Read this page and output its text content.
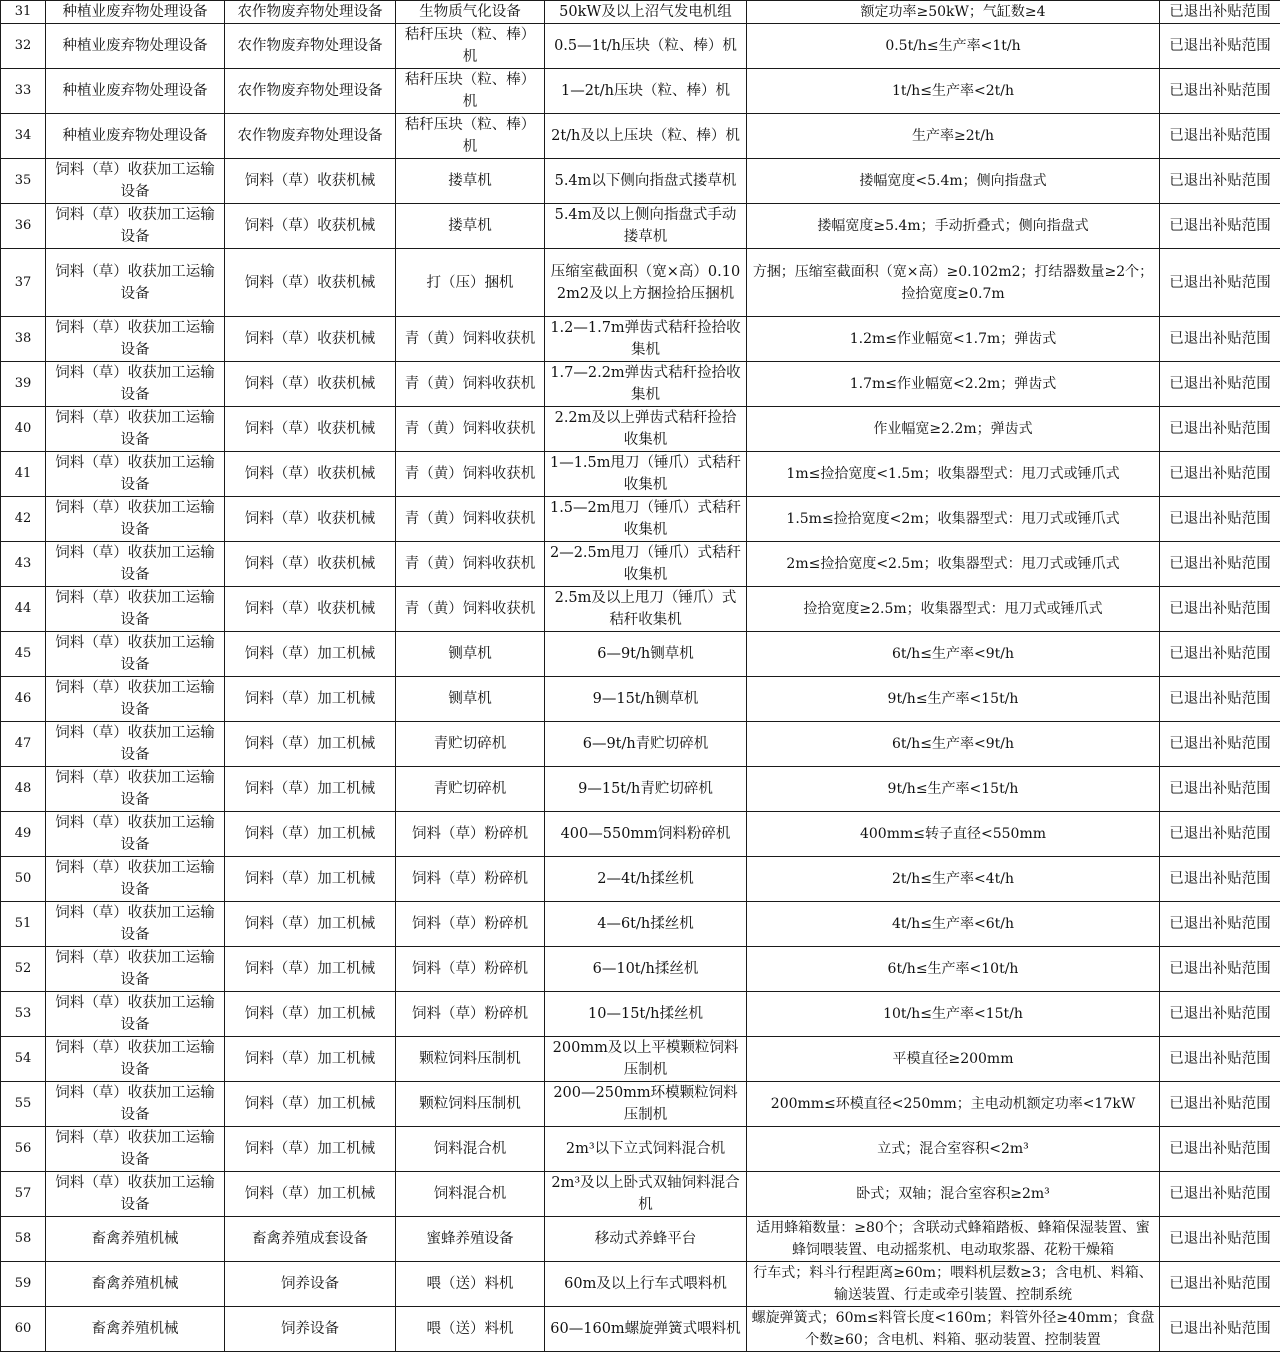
31	种植业废弃物处理设备	农作物废弃物处理设备	生物质气化设备	50kW及以上沼气发电机组	额定功率≥50kW；气缸数≥4	已退出补贴范围
32	种植业废弃物处理设备	农作物废弃物处理设备	秸秆压块（粒、棒）机	0.5—1t/h压块（粒、棒）机	0.5t/h≤生产率<1t/h	已退出补贴范围
33	种植业废弃物处理设备	农作物废弃物处理设备	秸秆压块（粒、棒）机	1—2t/h压块（粒、棒）机	1t/h≤生产率<2t/h	已退出补贴范围
34	种植业废弃物处理设备	农作物废弃物处理设备	秸秆压块（粒、棒）机	2t/h及以上压块（粒、棒）机	生产率≥2t/h	已退出补贴范围
35	饲料（草）收获加工运输设备	饲料（草）收获机械	搂草机	5.4m以下侧向指盘式搂草机	搂幅宽度<5.4m；侧向指盘式	已退出补贴范围
36	饲料（草）收获加工运输设备	饲料（草）收获机械	搂草机	5.4m及以上侧向指盘式手动搂草机	搂幅宽度≥5.4m；手动折叠式；侧向指盘式	已退出补贴范围
37	饲料（草）收获加工运输设备	饲料（草）收获机械	打（压）捆机	压缩室截面积（宽×高）0.102m2及以上方捆捡拾压捆机	方捆；压缩室截面积（宽×高）≥0.102m2；打结器数量≥2个；捡拾宽度≥0.7m	已退出补贴范围
38	饲料（草）收获加工运输设备	饲料（草）收获机械	青（黄）饲料收获机	1.2—1.7m弹齿式秸秆捡拾收集机	1.2m≤作业幅宽<1.7m；弹齿式	已退出补贴范围
39	饲料（草）收获加工运输设备	饲料（草）收获机械	青（黄）饲料收获机	1.7—2.2m弹齿式秸秆捡拾收集机	1.7m≤作业幅宽<2.2m；弹齿式	已退出补贴范围
40	饲料（草）收获加工运输设备	饲料（草）收获机械	青（黄）饲料收获机	2.2m及以上弹齿式秸秆捡拾收集机	作业幅宽≥2.2m；弹齿式	已退出补贴范围
41	饲料（草）收获加工运输设备	饲料（草）收获机械	青（黄）饲料收获机	1—1.5m甩刀（锤爪）式秸秆收集机	1m≤捡拾宽度<1.5m；收集器型式：甩刀式或锤爪式	已退出补贴范围
42	饲料（草）收获加工运输设备	饲料（草）收获机械	青（黄）饲料收获机	1.5—2m甩刀（锤爪）式秸秆收集机	1.5m≤捡拾宽度<2m；收集器型式：甩刀式或锤爪式	已退出补贴范围
43	饲料（草）收获加工运输设备	饲料（草）收获机械	青（黄）饲料收获机	2—2.5m甩刀（锤爪）式秸秆收集机	2m≤捡拾宽度<2.5m；收集器型式：甩刀式或锤爪式	已退出补贴范围
44	饲料（草）收获加工运输设备	饲料（草）收获机械	青（黄）饲料收获机	2.5m及以上甩刀（锤爪）式秸秆收集机	捡拾宽度≥2.5m；收集器型式：甩刀式或锤爪式	已退出补贴范围
45	饲料（草）收获加工运输设备	饲料（草）加工机械	铡草机	6—9t/h铡草机	6t/h≤生产率<9t/h	已退出补贴范围
46	饲料（草）收获加工运输设备	饲料（草）加工机械	铡草机	9—15t/h铡草机	9t/h≤生产率<15t/h	已退出补贴范围
47	饲料（草）收获加工运输设备	饲料（草）加工机械	青贮切碎机	6—9t/h青贮切碎机	6t/h≤生产率<9t/h	已退出补贴范围
48	饲料（草）收获加工运输设备	饲料（草）加工机械	青贮切碎机	9—15t/h青贮切碎机	9t/h≤生产率<15t/h	已退出补贴范围
49	饲料（草）收获加工运输设备	饲料（草）加工机械	饲料（草）粉碎机	400—550mm饲料粉碎机	400mm≤转子直径<550mm	已退出补贴范围
50	饲料（草）收获加工运输设备	饲料（草）加工机械	饲料（草）粉碎机	2—4t/h揉丝机	2t/h≤生产率<4t/h	已退出补贴范围
51	饲料（草）收获加工运输设备	饲料（草）加工机械	饲料（草）粉碎机	4—6t/h揉丝机	4t/h≤生产率<6t/h	已退出补贴范围
52	饲料（草）收获加工运输设备	饲料（草）加工机械	饲料（草）粉碎机	6—10t/h揉丝机	6t/h≤生产率<10t/h	已退出补贴范围
53	饲料（草）收获加工运输设备	饲料（草）加工机械	饲料（草）粉碎机	10—15t/h揉丝机	10t/h≤生产率<15t/h	已退出补贴范围
54	饲料（草）收获加工运输设备	饲料（草）加工机械	颗粒饲料压制机	200mm及以上平模颗粒饲料压制机	平模直径≥200mm	已退出补贴范围
55	饲料（草）收获加工运输设备	饲料（草）加工机械	颗粒饲料压制机	200—250mm环模颗粒饲料压制机	200mm≤环模直径<250mm；主电动机额定功率<17kW	已退出补贴范围
56	饲料（草）收获加工运输设备	饲料（草）加工机械	饲料混合机	2m³以下立式饲料混合机	立式；混合室容积<2m³	已退出补贴范围
57	饲料（草）收获加工运输设备	饲料（草）加工机械	饲料混合机	2m³及以上卧式双轴饲料混合机	卧式；双轴；混合室容积≥2m³	已退出补贴范围
58	畜禽养殖机械	畜禽养殖成套设备	蜜蜂养殖设备	移动式养蜂平台	适用蜂箱数量：≥80个；含联动式蜂箱踏板、蜂箱保湿装置、蜜蜂饲喂装置、电动摇浆机、电动取浆器、花粉干燥箱	已退出补贴范围
59	畜禽养殖机械	饲养设备	喂（送）料机	60m及以上行车式喂料机	行车式；料斗行程距离≥60m；喂料机层数≥3；含电机、料箱、输送装置、行走或牵引装置、控制系统	已退出补贴范围
60	畜禽养殖机械	饲养设备	喂（送）料机	60—160m螺旋弹簧式喂料机	螺旋弹簧式；60m≤料管长度<160m；料管外径≥40mm；食盘个数≥60；含电机、料箱、驱动装置、控制装置	已退出补贴范围
